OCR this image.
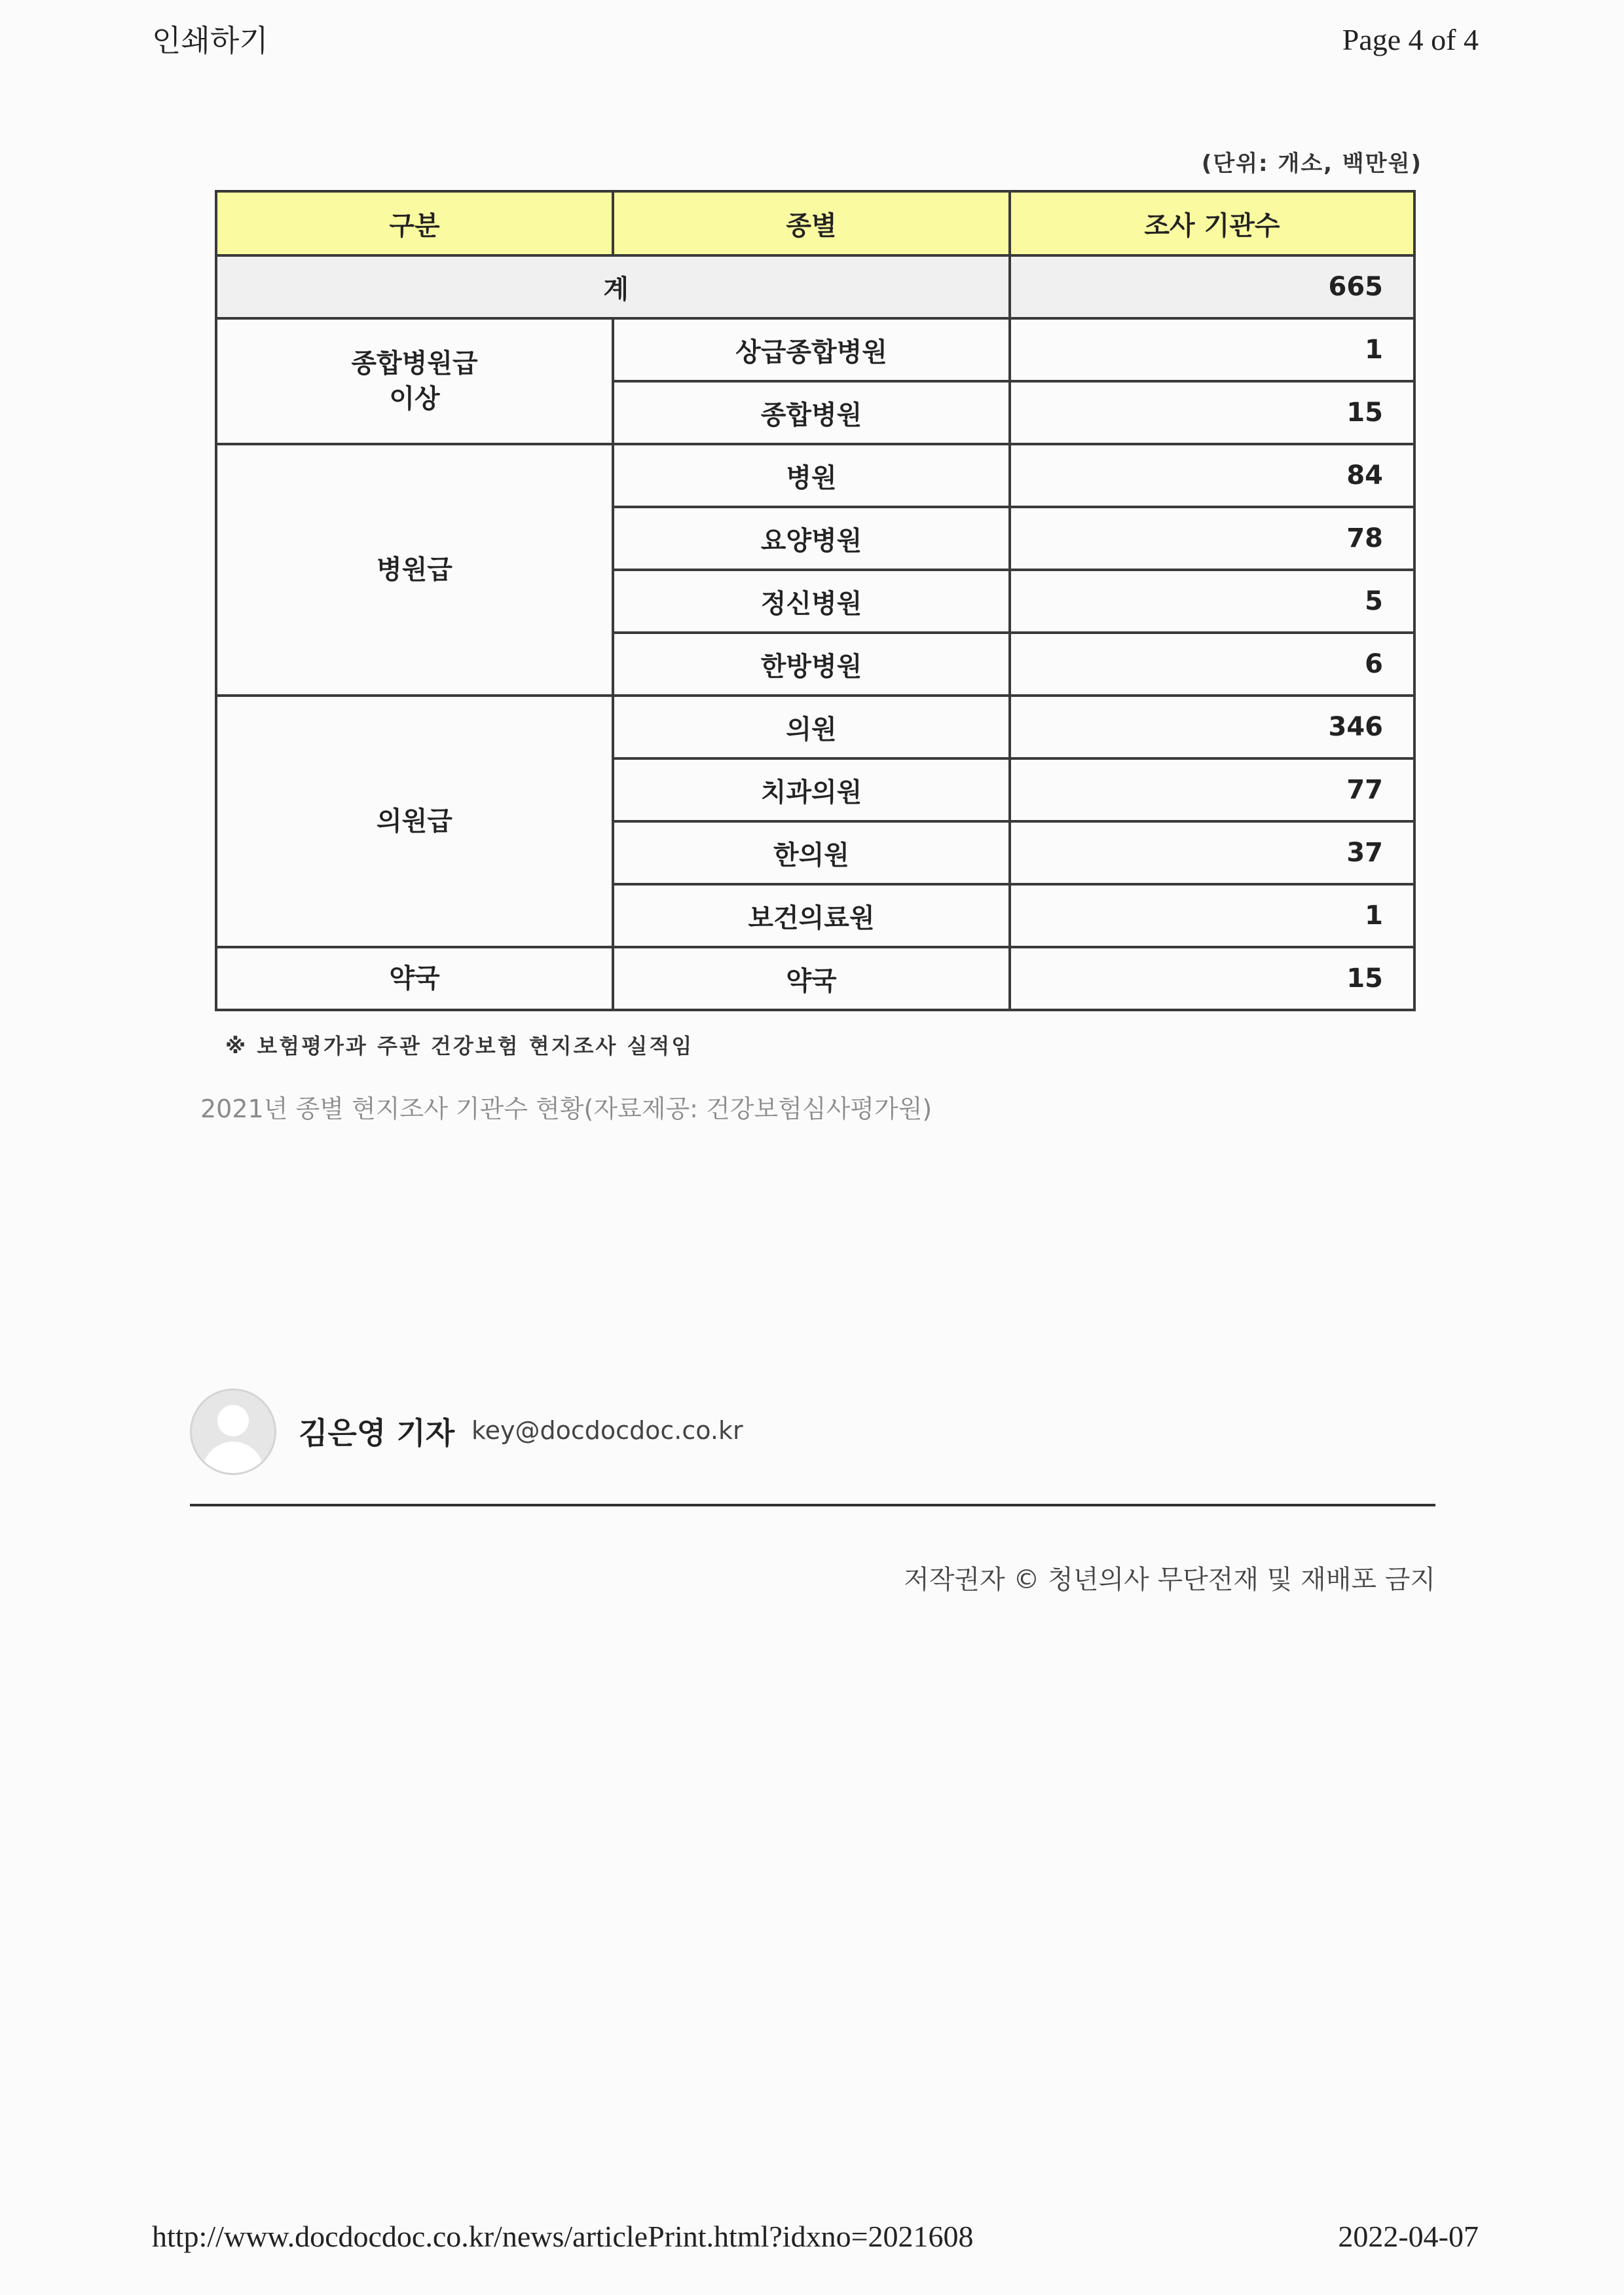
인쇄하기	Page 4 of 4
(단위: 개소, 백만원)
구분	종별	조사 기관수
계		665
종합병원급
이상	상급종합병원	1
	종합병원	15
병원급	병원	84
	요양병원	78
	정신병원	5
	한방병원	6
의원급	의원	346
	치과의원	77
	한의원	37
	보건의료원	1
약국	약국	15
※ 보험평가과 주관 건강보험 현지조사 실적임
2021년 종별 현지조사 기관수 현황(자료제공: 건강보험심사평가원)
김은영 기자 key@docdocdoc.co.kr
저작권자 © 청년의사 무단전재 및 재배포 금지
http://www.docdocdoc.co.kr/news/articlePrint.html?idxno=2021608	2022-04-07
